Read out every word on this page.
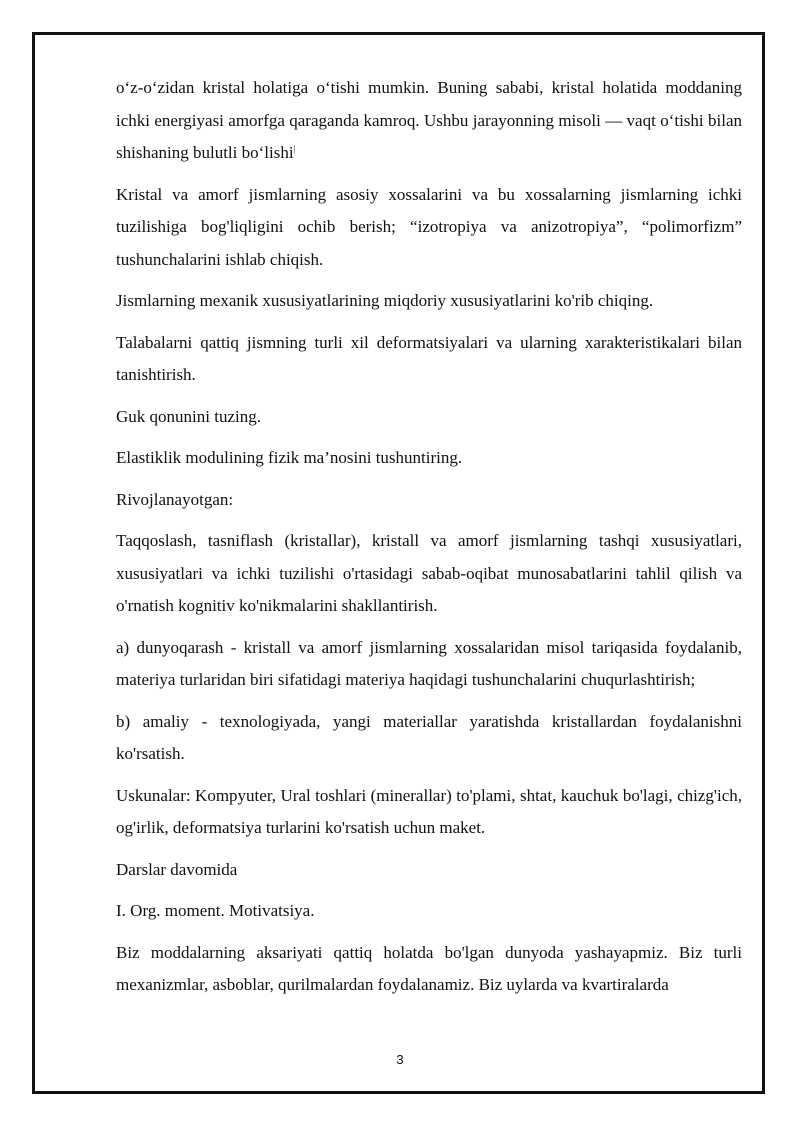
o‘z-o‘zidan kristal holatiga o‘tishi mumkin. Buning sababi, kristal holatida moddaning ichki energiyasi amorfga qaraganda kamroq. Ushbu jarayonning misoli — vaqt o‘tishi bilan shishaning bulutli bo‘lishi|

Kristal va amorf jismlarning asosiy xossalarini va bu xossalarning jismlarning ichki tuzilishiga bog'liqligini ochib berish; “izotropiya va anizotropiya”, “polimorfizm” tushunchalarini ishlab chiqish.

Jismlarning mexanik xususiyatlarining miqdoriy xususiyatlarini ko'rib chiqing.

Talabalarni qattiq jismning turli xil deformatsiyalari va ularning xarakteristikalari bilan tanishtirish.

Guk qonunini tuzing.

Elastiklik modulining fizik ma’nosini tushuntiring.

Rivojlanayotgan:

Taqqoslash, tasniflash (kristallar), kristall va amorf jismlarning tashqi xususiyatlari, xususiyatlari va ichki tuzilishi o'rtasidagi sabab-oqibat munosabatlarini tahlil qilish va o'rnatish kognitiv ko'nikmalarini shakllantirish.

a) dunyoqarash - kristall va amorf jismlarning xossalaridan misol tariqasida foydalanib, materiya turlaridan biri sifatidagi materiya haqidagi tushunchalarini chuqurlashtirish;

b) amaliy - texnologiyada, yangi materiallar yaratishda kristallardan foydalanishni ko'rsatish.

Uskunalar: Kompyuter, Ural toshlari (minerallar) to'plami, shtat, kauchuk bo'lagi, chizg'ich, og'irlik, deformatsiya turlarini ko'rsatish uchun maket.

Darslar davomida

I. Org. moment. Motivatsiya.

Biz moddalarning aksariyati qattiq holatda bo'lgan dunyoda yashayapmiz. Biz turli mexanizmlar, asboblar, qurilmalardan foydalanamiz. Biz uylarda va kvartiralarda

3
